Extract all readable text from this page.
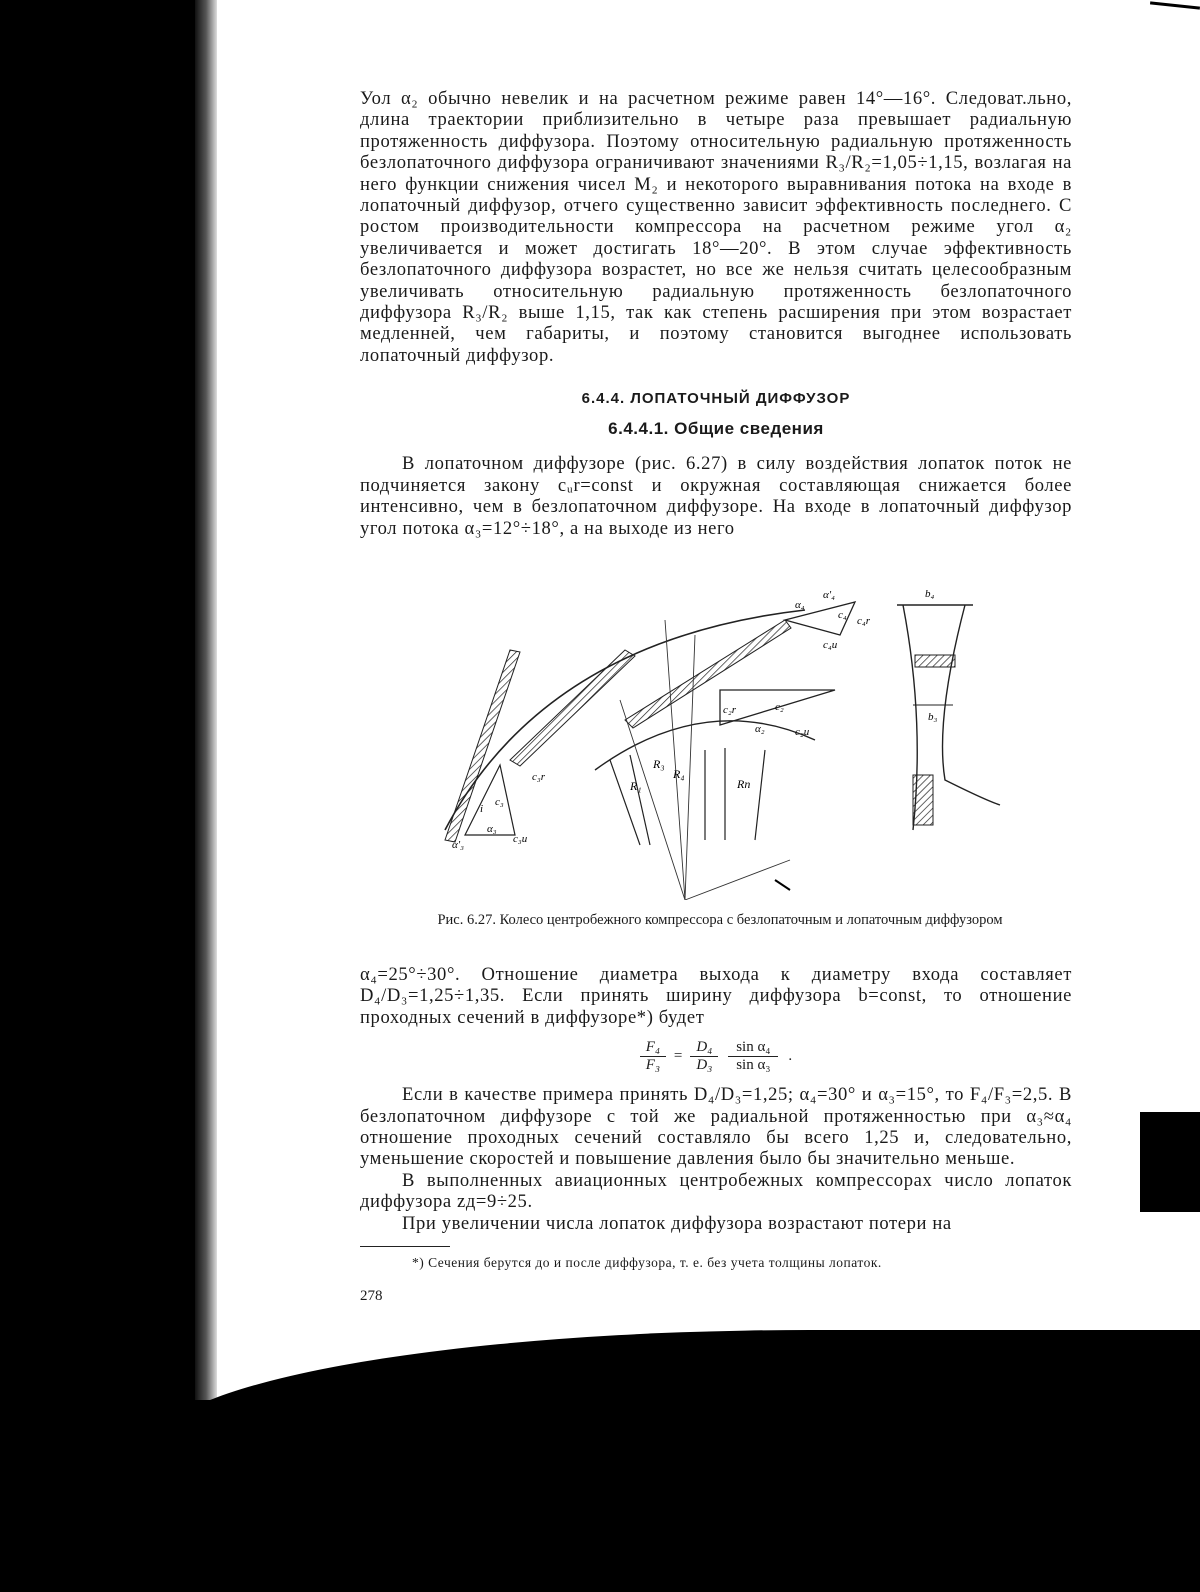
Уол α₂ обычно невелик и на расчетном режиме равен 14°—16°. Следоват.льно, длина траектории приблизительно в четыре раза превышает радиальную протяженность диффузора. Поэтому относительную радиальную протяженность безлопаточного диффузора ограничивают значениями R₃/R₂=1,05÷1,15, возлагая на него функции снижения чисел M₂ и некоторого выравнивания потока на входе в лопаточный диффузор, отчего существенно зависит эффективность последнего. С ростом производительности компрессора на расчетном режиме угол α₂ увеличивается и может достигать 18°—20°. В этом случае эффективность безлопаточного диффузора возрастет, но все же нельзя считать целесообразным увеличивать относительную радиальную протяженность безлопаточного диффузора R₃/R₂ выше 1,15, так как степень расширения при этом возрастает медленней, чем габариты, и поэтому становится выгоднее использовать лопаточный диффузор.

6.4.4. ЛОПАТОЧНЫЙ ДИФФУЗОР

6.4.4.1. Общие сведения

В лопаточном диффузоре (рис. 6.27) в силу воздействия лопаток поток не подчиняется закону cᵤr=const и окружная составляющая снижается более интенсивно, чем в безлопаточном диффузоре. На входе в лопаточный диффузор угол потока α₃=12°÷18°, а на выходе из него

α₄
α′₄
c₄ c₄r
c₄u
c₂r	c₂
α₂	c₂u
R₁
R₃
R₄
Rп
c₃r
c₃
i
α₃
α′₃	c₃u
b₄
b₃

Рис. 6.27. Колесо центробежного компрессора с безлопаточным и лопаточным диффузором

α₄=25°÷30°. Отношение диаметра выхода к диаметру входа составляет D₄/D₃=1,25÷1,35. Если принять ширину диффузора b=const, то отношение проходных сечений в диффузоре*) будет

F₄
F₃
=
D₄
D₃
sin α₄
sin α₃
.

Если в качестве примера принять D₄/D₃=1,25; α₄=30° и α₃=15°, то F₄/F₃=2,5. В безлопаточном диффузоре с той же радиальной протяженностью при α₃≈α₄ отношение проходных сечений составляло бы всего 1,25 и, следовательно, уменьшение скоростей и повышение давления было бы значительно меньше.

В выполненных авиационных центробежных компрессорах число лопаток диффузора zд=9÷25.

При увеличении числа лопаток диффузора возрастают потери на

*) Сечения берутся до и после диффузора, т. е. без учета толщины лопаток.

278
